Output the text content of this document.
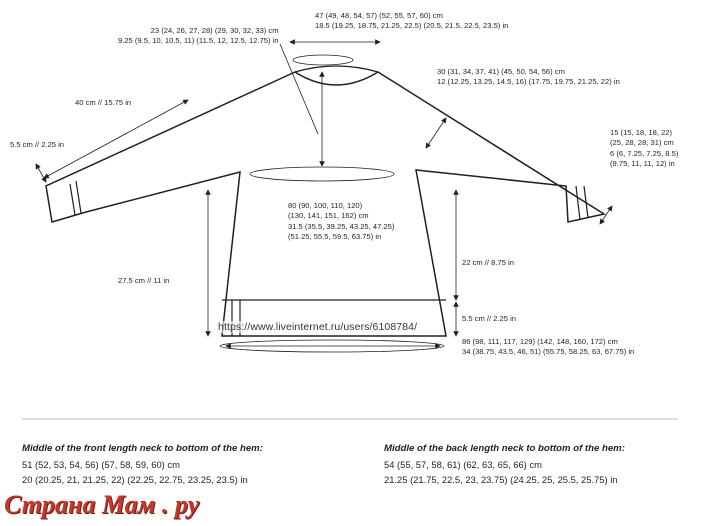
23 (24, 26, 27, 28) (29, 30, 32, 33) cm
9.25 (9.5, 10, 10.5, 11) (11.5, 12, 12.5, 12.75) in
47 (49, 48, 54, 57) (52, 55, 57, 60) cm
18.5 (19.25, 18.75, 21.25, 22.5) (20.5, 21.5, 22.5, 23.5) in
30 (31, 34, 37, 41) (45, 50, 54, 56) cm
12 (12.25, 13.25, 14.5, 16) (17.75, 19.75, 21.25, 22) in
40 cm // 15.75 in
5.5 cm // 2.25 in
15 (15, 18, 18, 22)
(25, 28, 28, 31) cm
6 (6, 7.25, 7.25, 8.5)
(9.75, 11, 11, 12) in
80 (90, 100, 110, 120)
(130, 141, 151, 162) cm
31.5 (35.5, 39.25, 43.25, 47.25)
(51.25, 55.5, 59.5, 63.75) in
27.5 cm // 11 in
22 cm // 8.75 in
5.5 cm // 2.25 in
86 (98, 111, 117, 129) (142, 148, 160, 172) cm
34 (38.75, 43.5, 46, 51) (55.75, 58.25, 63, 67.75) in
https://www.liveinternet.ru/users/6108784/
Middle of the front length neck to bottom of the hem:
51 (52, 53, 54, 56) (57, 58, 59, 60) cm
20 (20.25, 21, 21.25, 22) (22.25, 22.75, 23.25, 23.5) in
Middle of the back length neck to bottom of the hem:
54 (55, 57, 58, 61) (62, 63, 65, 66) cm
21.25 (21.75, 22.5, 23, 23.75) (24.25, 25, 25.5, 25.75) in
Страна Мам . ру
